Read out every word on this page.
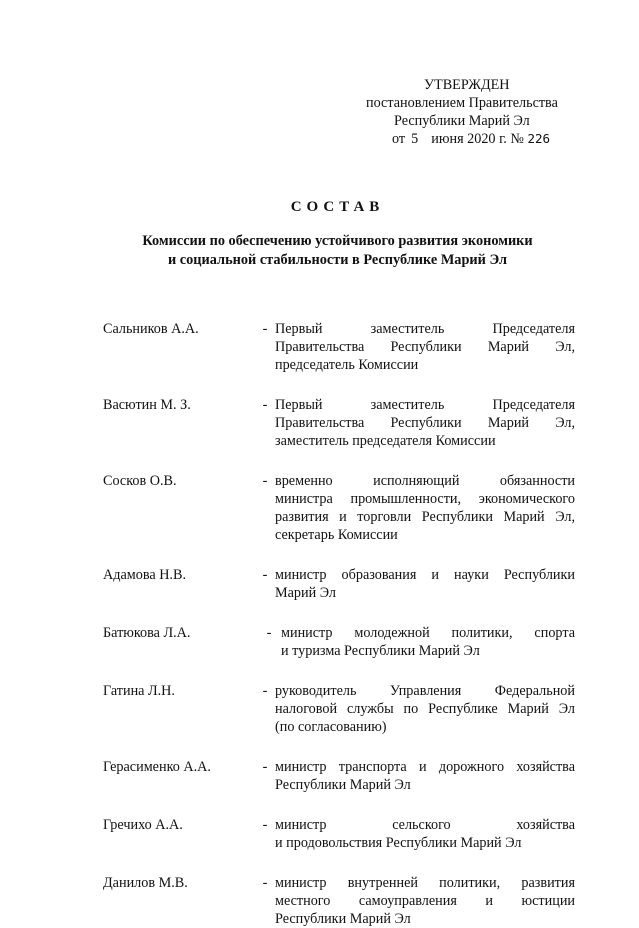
УТВЕРЖДЕН
постановлением Правительства
Республики Марий Эл
от 5 июня 2020 г. № 226
СОСТАВ
Комиссии по обеспечению устойчивого развития экономики
и социальной стабильности в Республике Марий Эл
Сальников А.А.	- Первый заместитель Председателя
Правительства Республики Марий Эл,
председатель Комиссии
Васютин М. З.	- Первый заместитель Председателя
Правительства Республики Марий Эл,
заместитель председателя Комиссии
Сосков О.В.	- временно исполняющий обязанности
министра промышленности, экономического
развития и торговли Республики Марий Эл,
секретарь Комиссии
Адамова Н.В.	- министр образования и науки Республики
Марий Эл
Батюкова Л.А.	- министр молодежной политики, спорта
и туризма Республики Марий Эл
Гатина Л.Н.	- руководитель Управления Федеральной
налоговой службы по Республике Марий Эл
(по согласованию)
Герасименко А.А.	- министр транспорта и дорожного хозяйства
Республики Марий Эл
Гречихо А.А.	- министр сельского хозяйства
и продовольствия Республики Марий Эл
Данилов М.В.	- министр внутренней политики, развития
местного самоуправления и юстиции
Республики Марий Эл
